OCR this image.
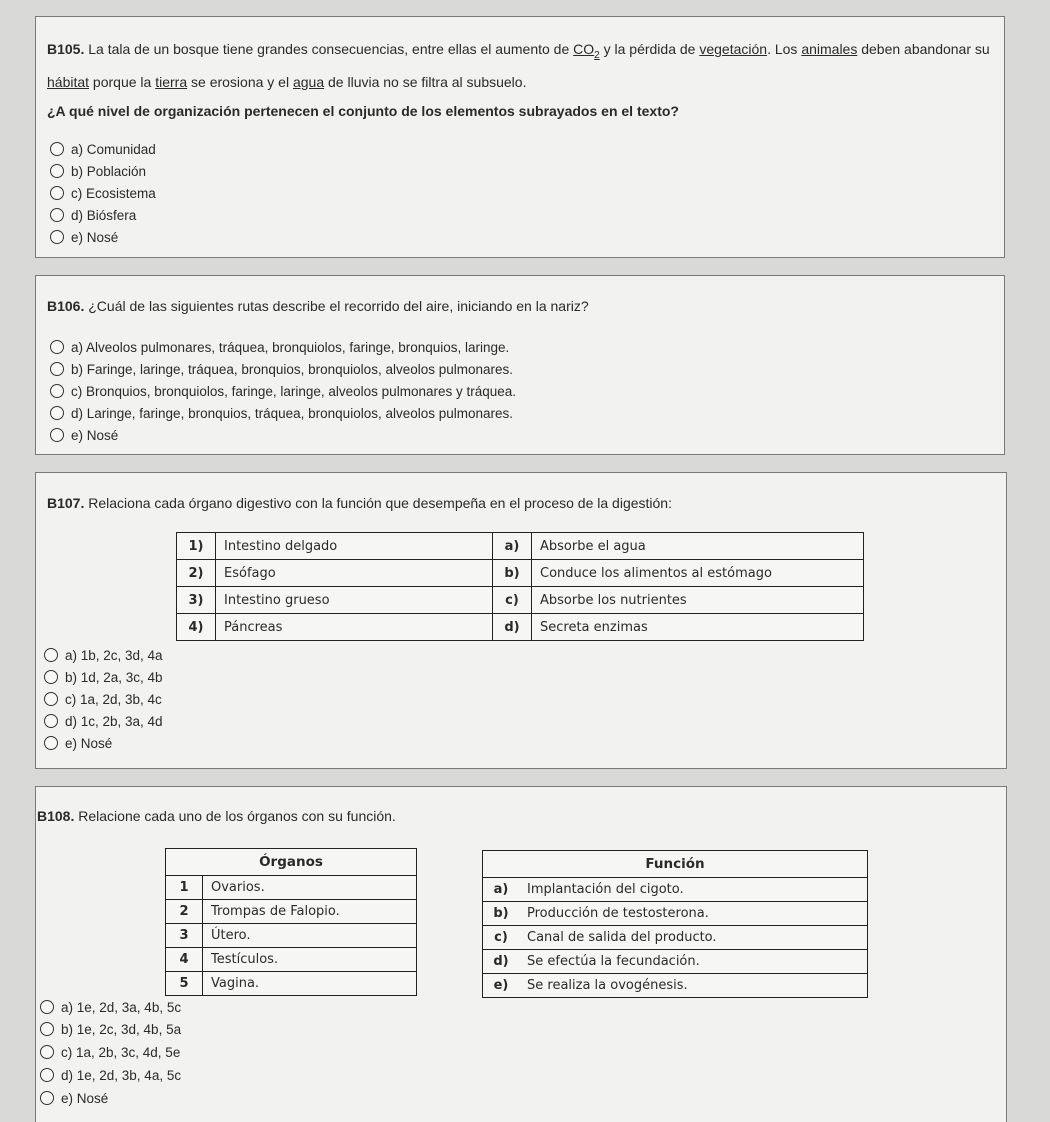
B105. La tala de un bosque tiene grandes consecuencias, entre ellas el aumento de $CO_2$ y la pérdida de vegetación. Los animales deben abandonar su hábitat porque la tierra se erosiona y el agua de lluvia no se filtra al subsuelo.
¿A qué nivel de organización pertenecen el conjunto de los elementos subrayados en el texto?
a) Comunidad
b) Población
c) Ecosistema
d) Biósfera
e) Nosé
B106. ¿Cuál de las siguientes rutas describe el recorrido del aire, iniciando en la nariz?
a) Alveolos pulmonares, tráquea, bronquiolos, faringe, bronquios, laringe.
b) Faringe, laringe, tráquea, bronquios, bronquiolos, alveolos pulmonares.
c) Bronquios, bronquiolos, faringe, laringe, alveolos pulmonares y tráquea.
d) Laringe, faringe, bronquios, tráquea, bronquiolos, alveolos pulmonares.
e) Nosé
B107. Relaciona cada órgano digestivo con la función que desempeña en el proceso de la digestión:
1)	Intestino delgado	a)	Absorbe el agua
2)	Esófago	b)	Conduce los alimentos al estómago
3)	Intestino grueso	c)	Absorbe los nutrientes
4)	Páncreas	d)	Secreta enzimas
a) 1b, 2c, 3d, 4a
b) 1d, 2a, 3c, 4b
c) 1a, 2d, 3b, 4c
d) 1c, 2b, 3a, 4d
e) Nosé
B108. Relacione cada uno de los órganos con su función.
Órganos	
1	Ovarios.
2	Trompas de Falopio.
3	Útero.
4	Testículos.
5	Vagina.
Función	
a)	Implantación del cigoto.
b)	Producción de testosterona.
c)	Canal de salida del producto.
d)	Se efectúa la fecundación.
e)	Se realiza la ovogénesis.
a) 1e, 2d, 3a, 4b, 5c
b) 1e, 2c, 3d, 4b, 5a
c) 1a, 2b, 3c, 4d, 5e
d) 1e, 2d, 3b, 4a, 5c
e) Nosé
